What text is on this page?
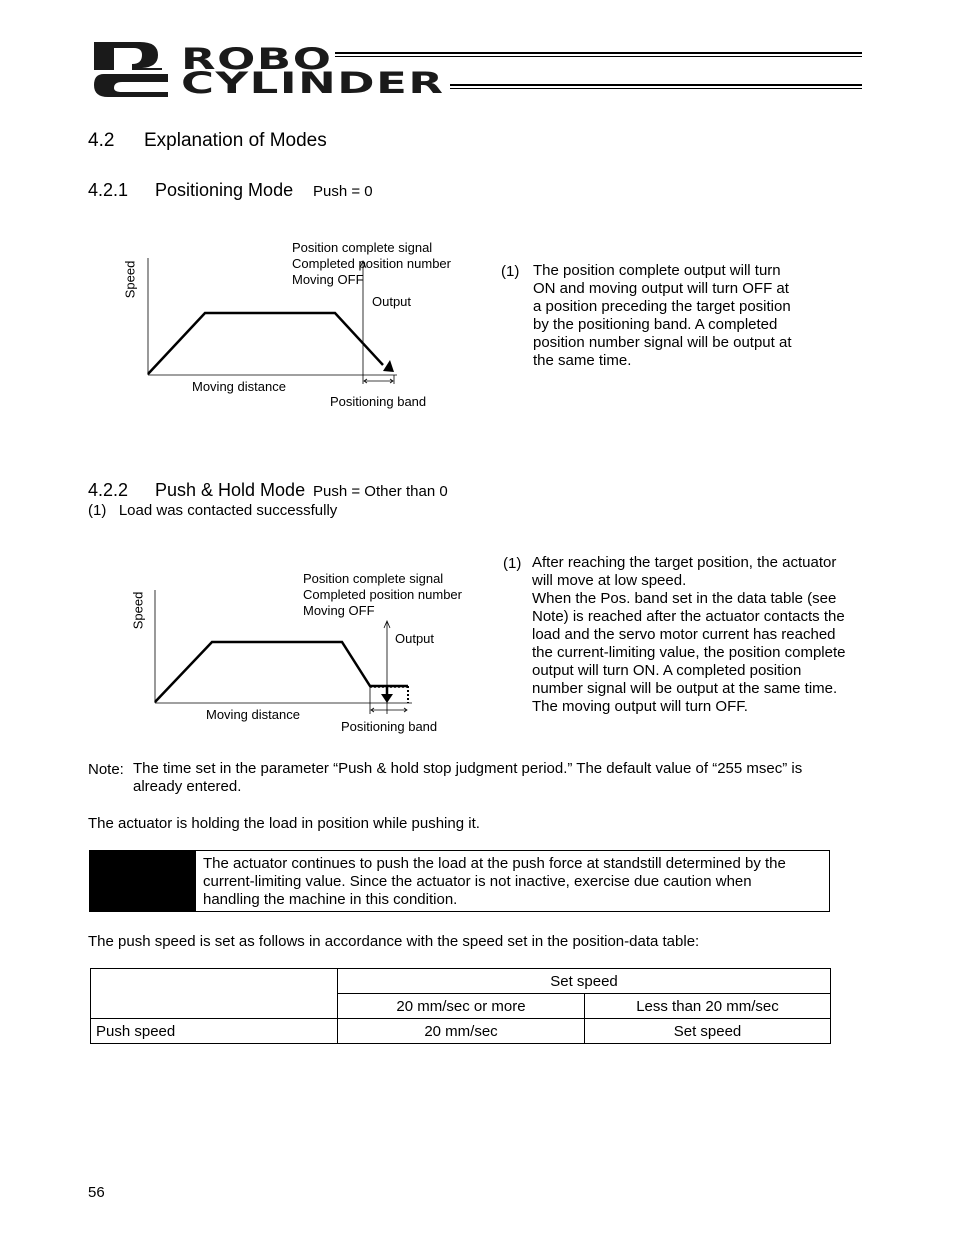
ROBO
CYLINDER
4.2 Explanation of Modes
4.2.1 Positioning Mode Push = 0
Speed
Position complete signal
Completed position number
Moving OFF
Output
Moving distance
Positioning band
(1) The position complete output will turn
ON and moving output will turn OFF at
a position preceding the target position
by the positioning band. A completed
position number signal will be output at
the same time.
4.2.2 Push & Hold Mode Push = Other than 0
(1)   Load was contacted successfully
Speed
Position complete signal
Completed position number
Moving OFF
Output
Moving distance
Positioning band
(1) After reaching the target position, the actuator
will move at low speed.
When the Pos. band set in the data table (see
Note) is reached after the actuator contacts the
load and the servo motor current has reached
the current-limiting value, the position complete
output will turn ON. A completed position
number signal will be output at the same time.
The moving output will turn OFF.
Note: The time set in the parameter “Push & hold stop judgment period.” The default value of “255 msec” is
already entered.
The actuator is holding the load in position while pushing it.
The actuator continues to push the load at the push force at standstill determined by the
current-limiting value. Since the actuator is not inactive, exercise due caution when
handling the machine in this condition.
The push speed is set as follows in accordance with the speed set in the position-data table:
	Set speed	
	20 mm/sec or more	Less than 20 mm/sec
Push speed	20 mm/sec	Set speed
56
